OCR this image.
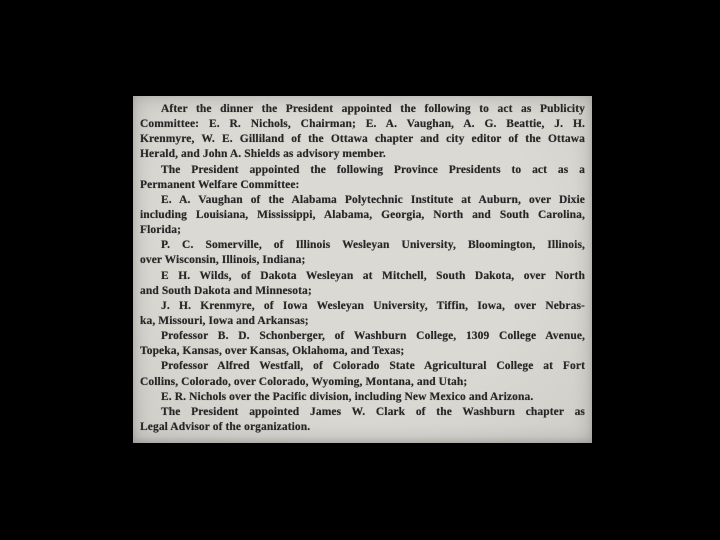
After the dinner the President appointed the following to act as Publicity
Committee: E. R. Nichols, Chairman; E. A. Vaughan, A. G. Beattie, J. H.
Krenmyre, W. E. Gilliland of the Ottawa chapter and city editor of the Ottawa
Herald, and John A. Shields as advisory member.
The President appointed the following Province Presidents to act as a
Permanent Welfare Committee:
E. A. Vaughan of the Alabama Polytechnic Institute at Auburn, over Dixie
including Louisiana, Mississippi, Alabama, Georgia, North and South Carolina,
Florida;
P. C. Somerville, of Illinois Wesleyan University, Bloomington, Illinois,
over Wisconsin, Illinois, Indiana;
E H. Wilds, of Dakota Wesleyan at Mitchell, South Dakota, over North
and South Dakota and Minnesota;
J. H. Krenmyre, of Iowa Wesleyan University, Tiffin, Iowa, over Nebras-
ka, Missouri, Iowa and Arkansas;
Professor B. D. Schonberger, of Washburn College, 1309 College Avenue,
Topeka, Kansas, over Kansas, Oklahoma, and Texas;
Professor Alfred Westfall, of Colorado State Agricultural College at Fort
Collins, Colorado, over Colorado, Wyoming, Montana, and Utah;
E. R. Nichols over the Pacific division, including New Mexico and Arizona.
The President appointed James W. Clark of the Washburn chapter as
Legal Advisor of the organization.
